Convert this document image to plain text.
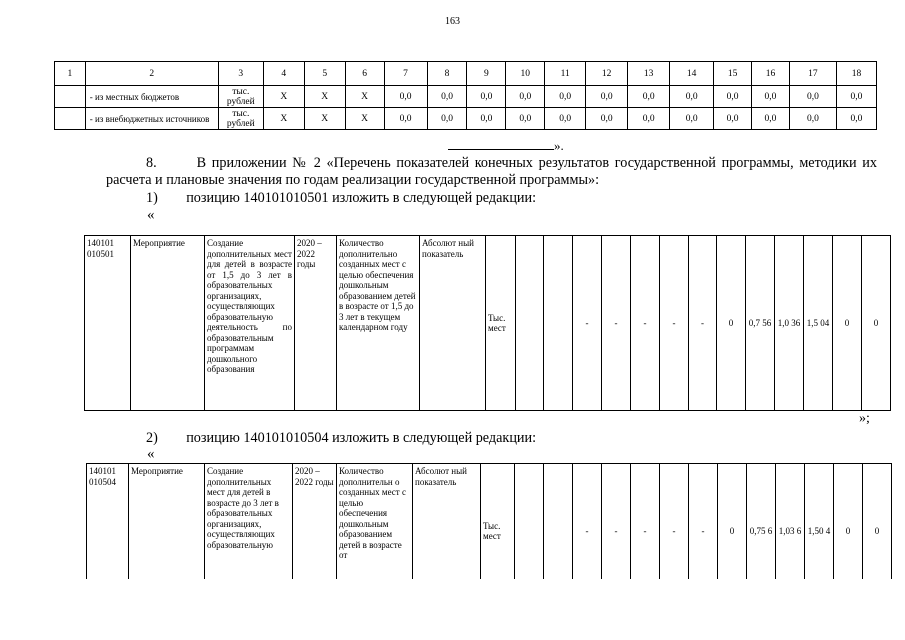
163
1	2	3	4	5	6	7	8	9	10	11	12	13	14	15	16	17	18
	- из местных бюджетов	тыс. рублей	X	X	X	0,0	0,0	0,0	0,0	0,0	0,0	0,0	0,0	0,0	0,0	0,0	0,0
	- из внебюджетных источников	тыс. рублей	X	X	X	0,0	0,0	0,0	0,0	0,0	0,0	0,0	0,0	0,0	0,0	0,0	0,0
».
8.       В приложении № 2 «Перечень показателей конечных результатов государственной программы, методики их расчета и плановые значения по годам реализации государственной программы»:
1)        позицию 140101010501 изложить в следующей редакции:
«
140101 010501	Мероприятие	Создание дополнительных мест для детей в возрасте от 1,5 до 3 лет в образовательных организациях, осуществляющих образовательную деятельность по образовательным программам дошкольного образования	2020 – 2022 годы	Количество дополнительно созданных мест с целью обеспечения дошкольным образованием детей в возрасте от 1,5 до 3 лет в текущем календарном году	Абсолют ный показатель	Тыс. мест			-	-	-	-	-	0	0,7 56	1,0 36	1,5 04	0	0
»;
2)        позицию 140101010504 изложить в следующей редакции:
«
140101 010504	Мероприятие	Создание дополнительных мест для детей в возрасте до 3 лет в образовательных организациях, осуществляющих образовательную	2020 – 2022 годы	Количество дополнительн о созданных мест с целью обеспечения дошкольным образованием детей в возрасте от	Абсолют ный показатель	Тыс. мест			-	-	-	-	-	0	0,75 6	1,03 6	1,50 4	0	0
